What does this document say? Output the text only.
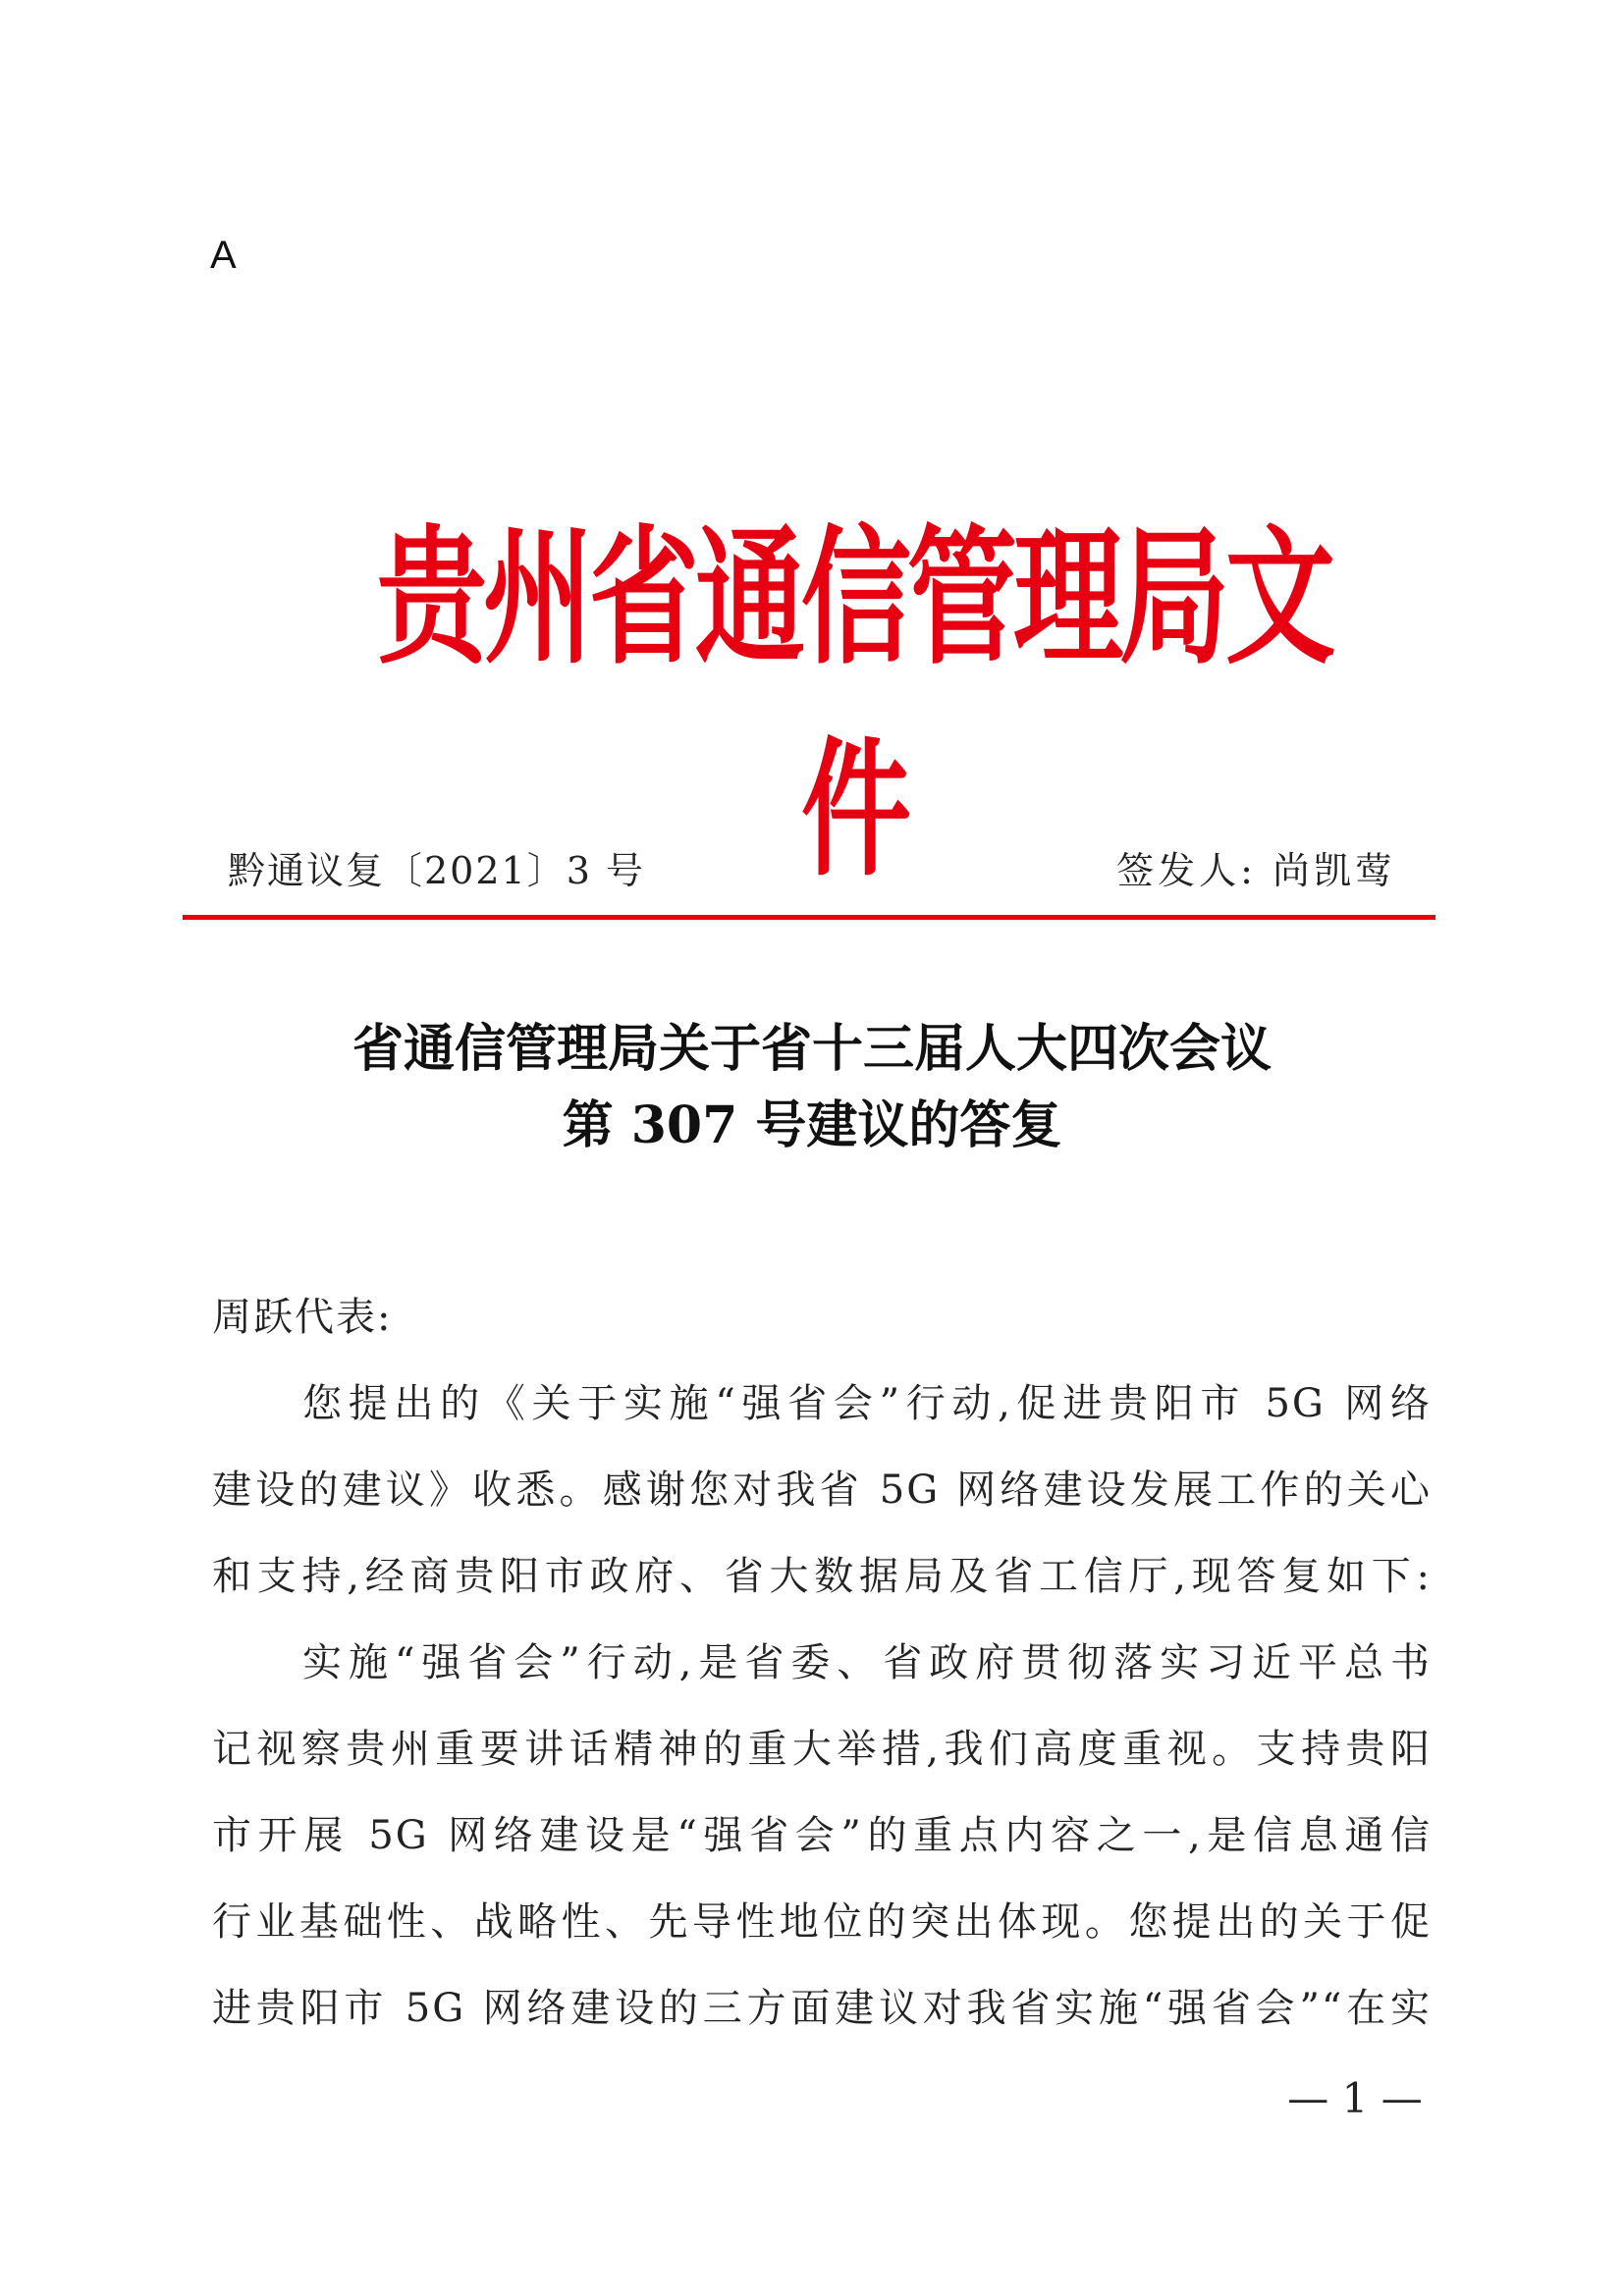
A
贵州省通信管理局文件
黔通议复〔2021〕3 号	签发人: 尚凯莺
省通信管理局关于省十三届人大四次会议
第 307 号建议的答复
周跃代表:
您提出的《关于实施“强省会”行动,促进贵阳市 5G 网络
建设的建议》收悉。感谢您对我省 5G 网络建设发展工作的关心
和支持,经商贵阳市政府、省大数据局及省工信厅,现答复如下:
实施“强省会”行动,是省委、省政府贯彻落实习近平总书
记视察贵州重要讲话精神的重大举措,我们高度重视。支持贵阳
市开展 5G 网络建设是“强省会”的重点内容之一,是信息通信
行业基础性、战略性、先导性地位的突出体现。您提出的关于促
进贵阳市 5G 网络建设的三方面建议对我省实施“强省会”“在实
— 1 —
